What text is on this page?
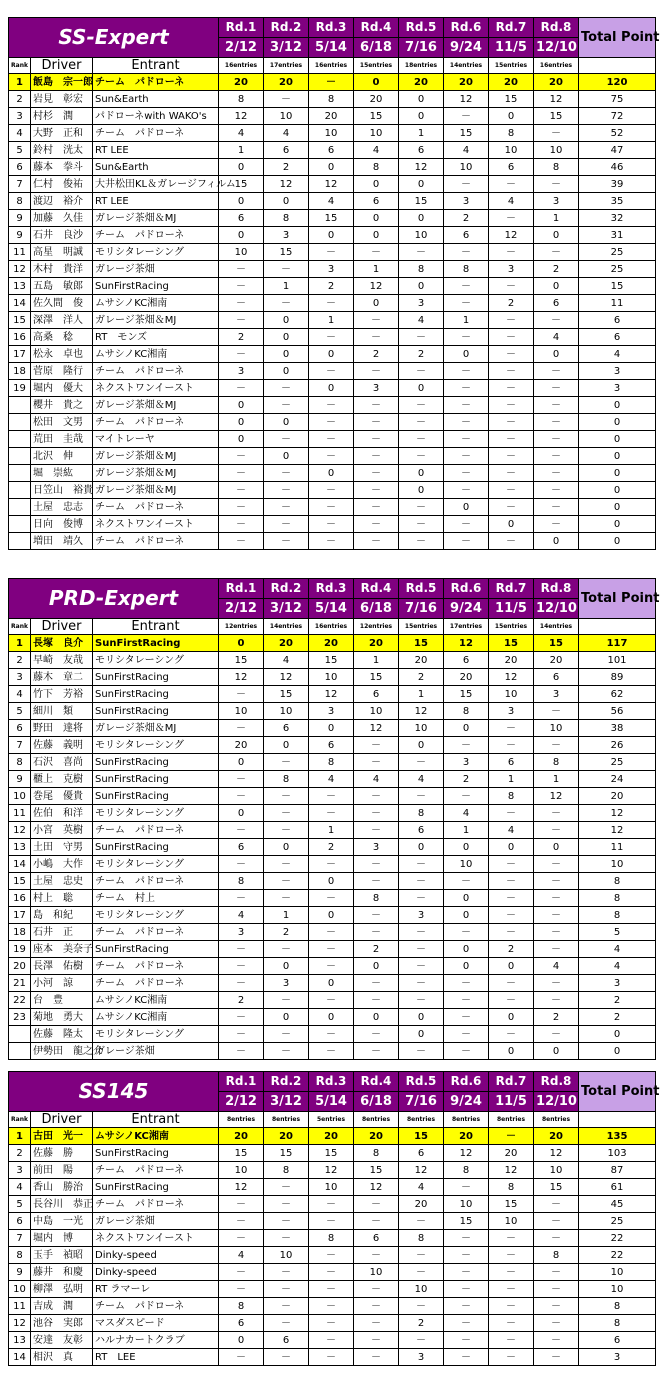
SS-Expert			Rd.1	Rd.2	Rd.3	Rd.4	Rd.5	Rd.6	Rd.7	Rd.8	Total Point
			2/12	3/12	5/14	6/18	7/16	9/24	11/5	12/10	
Rank	Driver	Entrant	16entries	17entries	16entries	15entries	18entries	14entries	15entries	16entries	
1	飯島　宗一郎	チーム　パドローネ	20	20	－	0	20	20	20	20	120
2	岩見　彰宏	Sun&Earth	8	－	8	20	0	12	15	12	75
3	村杉　潤	パドローネwith WAKO's	12	10	20	15	0	－	0	15	72
4	大野　正和	チーム　パドローネ	4	4	10	10	1	15	8	－	52
5	鈴村　洸太	RT LEE	1	6	6	4	6	4	10	10	47
6	藤本　拳斗	Sun&Earth	0	2	0	8	12	10	6	8	46
7	仁村　俊祐	大井松田KL＆ガレージフィルム	15	12	12	0	0	－	－	－	39
8	渡辺　裕介	RT LEE	0	0	4	6	15	3	4	3	35
9	加藤　久佳	ガレージ茶畑＆MJ	6	8	15	0	0	2	－	1	32
9	石井　良沙	チーム　パドローネ	0	3	0	0	10	6	12	0	31
11	高星　明誠	モリシタレーシング	10	15	－	－	－	－	－	－	25
12	木村　貴洋	ガレージ茶畑	－	－	3	1	8	8	3	2	25
13	五島　敏郎	SunFirstRacing	－	1	2	12	0	－	－	0	15
14	佐久間　俊	ムサシノKC湘南	－	－	－	0	3	－	2	6	11
15	深澤　洋人	ガレージ茶畑＆MJ	－	0	1	－	4	1	－	－	6
16	高桑　稔	RT　モンズ	2	0	－	－	－	－	－	4	6
17	松永　卓也	ムサシノKC湘南	－	0	0	2	2	0	－	0	4
18	菅原　隆行	チーム　パドローネ	3	0	－	－	－	－	－	－	3
19	堀内　優大	ネクストワンイースト	－	－	0	3	0	－	－	－	3
	櫻井　貴之	ガレージ茶畑＆MJ	0	－	－	－	－	－	－	－	0
	松田　文男	チーム　パドローネ	0	0	－	－	－	－	－	－	0
	荒田　圭哉	マイトレーヤ	0	－	－	－	－	－	－	－	0
	北沢　伸	ガレージ茶畑＆MJ	－	0	－	－	－	－	－	－	0
	堀　崇紘	ガレージ茶畑＆MJ	－	－	0	－	0	－	－	－	0
	日笠山　裕貴	ガレージ茶畑＆MJ	－	－	－	－	0	－	－	－	0
	土屋　忠志	チーム　パドローネ	－	－	－	－	－	0	－	－	0
	日向　俊博	ネクストワンイースト	－	－	－	－	－	－	0	－	0
	増田　靖久	チーム　パドローネ	－	－	－	－	－	－	－	0	0
PRD-Expert			Rd.1	Rd.2	Rd.3	Rd.4	Rd.5	Rd.6	Rd.7	Rd.8	Total Point
			2/12	3/12	5/14	6/18	7/16	9/24	11/5	12/10	
Rank	Driver	Entrant	12entries	14entries	16entries	12entries	15entries	17entries	15entries	14entries	
1	長塚　良介	SunFirstRacing	0	20	20	20	15	12	15	15	117
2	早崎　友哉	モリシタレーシング	15	4	15	1	20	6	20	20	101
3	藤木　章二	SunFirstRacing	12	12	10	15	2	20	12	6	89
4	竹下　芳裕	SunFirstRacing	－	15	12	6	1	15	10	3	62
5	細川　類	SunFirstRacing	10	10	3	10	12	8	3	－	56
6	野田　達将	ガレージ茶畑＆MJ	－	6	0	12	10	0	－	10	38
7	佐藤　義明	モリシタレーシング	20	0	6	－	0	－	－	－	26
8	石沢　喜尚	SunFirstRacing	0	－	8	－	－	3	6	8	25
9	櫃上　克樹	SunFirstRacing	－	8	4	4	4	2	1	1	24
10	巻尾　優貴	SunFirstRacing	－	－	－	－	－	－	8	12	20
11	佐伯　和洋	モリシタレーシング	0	－	－	－	8	4	－	－	12
12	小宮　英樹	チーム　パドローネ	－	－	1	－	6	1	4	－	12
13	土田　守男	SunFirstRacing	6	0	2	3	0	0	0	0	11
14	小嶋　大作	モリシタレーシング	－	－	－	－	－	10	－	－	10
15	土屋　忠史	チーム　パドローネ	8	－	0	－	－	－	－	－	8
16	村上　聡	チーム　村上	－	－	－	8	－	0	－	－	8
17	島　和紀	モリシタレーシング	4	1	0	－	3	0	－	－	8
18	石井　正	チーム　パドローネ	3	2	－	－	－	－	－	－	5
19	座本　美奈子	SunFirstRacing	－	－	－	2	－	0	2	－	4
20	長澤　佑樹	チーム　パドローネ	－	0	－	0	－	0	0	4	4
21	小河　諒	チーム　パドローネ	－	3	0	－	－	－	－	－	3
22	台　豊	ムサシノKC湘南	2	－	－	－	－	－	－	－	2
23	菊地　勇大	ムサシノKC湘南	－	0	0	0	0	－	0	2	2
	佐藤　隆太	モリシタレーシング	－	－	－	－	0	－	－	－	0
	伊勢田　龍之介	ガレージ茶畑	－	－	－	－	－	－	0	0	0
SS145			Rd.1	Rd.2	Rd.3	Rd.4	Rd.5	Rd.6	Rd.7	Rd.8	Total Point
			2/12	3/12	5/14	6/18	7/16	9/24	11/5	12/10	
Rank	Driver	Entrant	8entries	8entries	5entries	8entries	8entries	8entries	8entries	8entries	
1	古田　光一	ムサシノKC湘南	20	20	20	20	15	20	－	20	135
2	佐藤　勝	SunFirstRacing	15	15	15	8	6	12	20	12	103
3	前田　陽	チーム　パドローネ	10	8	12	15	12	8	12	10	87
4	香山　勝治	SunFirstRacing	12	－	10	12	4	－	8	15	61
5	長谷川　恭正	チーム　パドローネ	－	－	－	－	20	10	15	－	45
6	中島　一光	ガレージ茶畑	－	－	－	－	－	15	10	－	25
7	堀内　博	ネクストワンイースト	－	－	8	6	8	－	－	－	22
8	玉手　禎昭	Dinky-speed	4	10	－	－	－	－	－	8	22
9	藤井　和慶	Dinky-speed	－	－	－	10	－	－	－	－	10
10	柳澤　弘明	RT ラマーレ	－	－	－	－	10	－	－	－	10
11	吉成　潤	チーム　パドローネ	8	－	－	－	－	－	－	－	8
12	池谷　実郎	マスダスピード	6	－	－	－	2	－	－	－	8
13	安達　友彰	ハルナカートクラブ	0	6	－	－	－	－	－	－	6
14	相沢　真	RT　LEE	－	－	－	－	3	－	－	－	3
